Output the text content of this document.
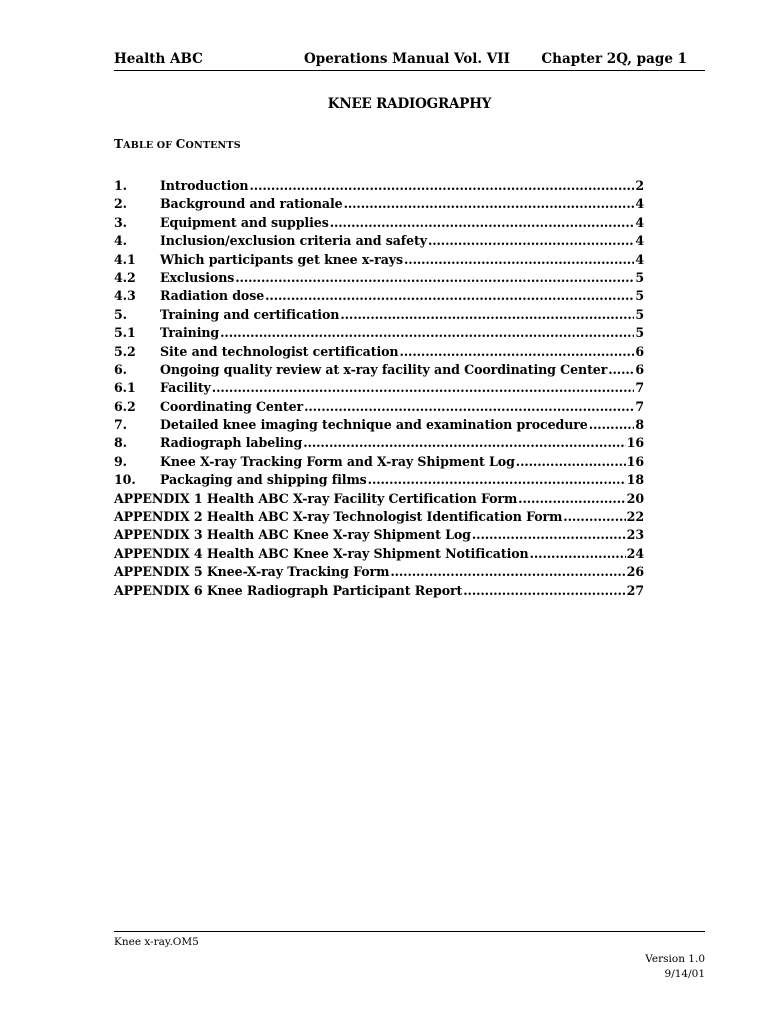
Health ABC	Operations Manual Vol. VII Chapter 2Q, page 1
KNEE RADIOGRAPHY
TABLE OF CONTENTS
1.	Introduction .....	2
2.	Background and rationale .....	4
3.	Equipment and supplies .....	4
4.	Inclusion/exclusion criteria and safety .....	4
4.1 Which participants get knee x-rays .....	4
4.2 Exclusions .....	5
4.3 Radiation dose .....	5
5.	Training and certification .....	5
5.1 Training .....	5
5.2 Site and technologist certification .....	6
6.	Ongoing quality review at x-ray facility and Coordinating Center ..... 6
6.1 Facility .....	7
6.2 Coordinating Center .....	7
7.	Detailed knee imaging technique and examination procedure .....	8
8.	Radiograph labeling .....	16
9.	Knee X-ray Tracking Form and X-ray Shipment Log .....	16
10. Packaging and shipping films .....	18
APPENDIX 1 Health ABC X-ray Facility Certification Form .....	20
APPENDIX 2 Health ABC X-ray Technologist Identification Form .....	22
APPENDIX 3 Health ABC Knee X-ray Shipment Log .....	23
APPENDIX 4 Health ABC Knee X-ray Shipment Notification .....	24
APPENDIX 5 Knee-X-ray Tracking Form .....	26
APPENDIX 6 Knee Radiograph Participant Report .....	27
Knee x-ray.OM5
Version 1.0
9/14/01
